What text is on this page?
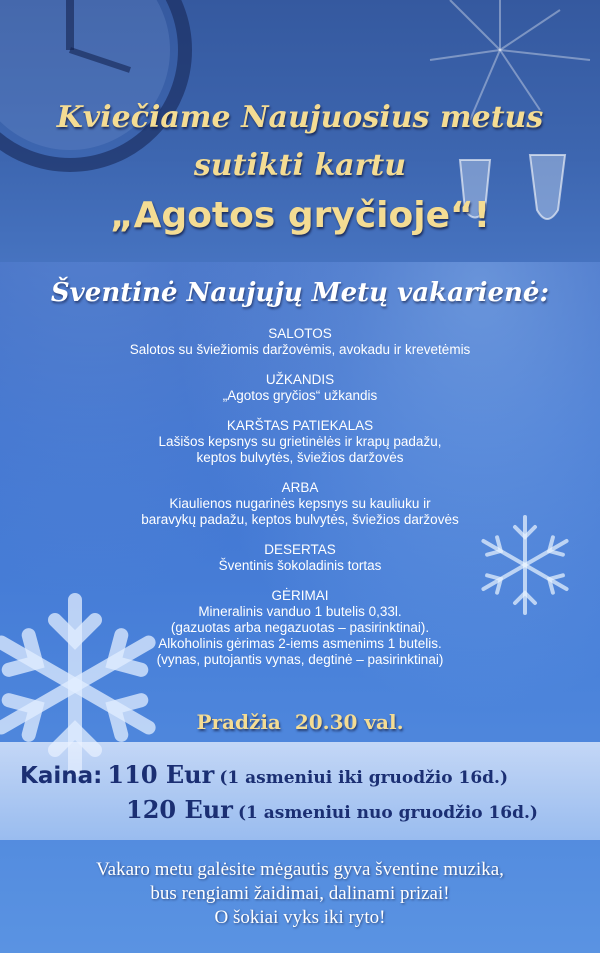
Kviečiame Naujuosius metus
sutikti kartu
„Agotos gryčioje“!
Šventinė Naujųjų Metų vakarienė:
SALOTOS
Salotos su šviežiomis daržovėmis, avokadu ir krevetėmis
UŽKANDIS
„Agotos gryčios“ užkandis
KARŠTAS PATIEKALAS
Lašišos kepsnys su grietinėlės ir krapų padažu,
keptos bulvytės, šviežios daržovės
ARBA
Kiaulienos nugarinės kepsnys su kauliuku ir
baravykų padažu, keptos bulvytės, šviežios daržovės
DESERTAS
Šventinis šokoladinis tortas
GĖRIMAI
Mineralinis vanduo 1 butelis 0,33l.
(gazuotas arba negazuotas – pasirinktinai).
Alkoholinis gėrimas 2-iems asmenims 1 butelis.
(vynas, putojantis vynas, degtinė – pasirinktinai)
Pradžia  20.30 val.
Kaina: 110 Eur (1 asmeniui iki gruodžio 16d.)
120 Eur (1 asmeniui nuo gruodžio 16d.)
Vakaro metu galėsite mėgautis gyva šventine muzika,
bus rengiami žaidimai, dalinami prizai!
O šokiai vyks iki ryto!
